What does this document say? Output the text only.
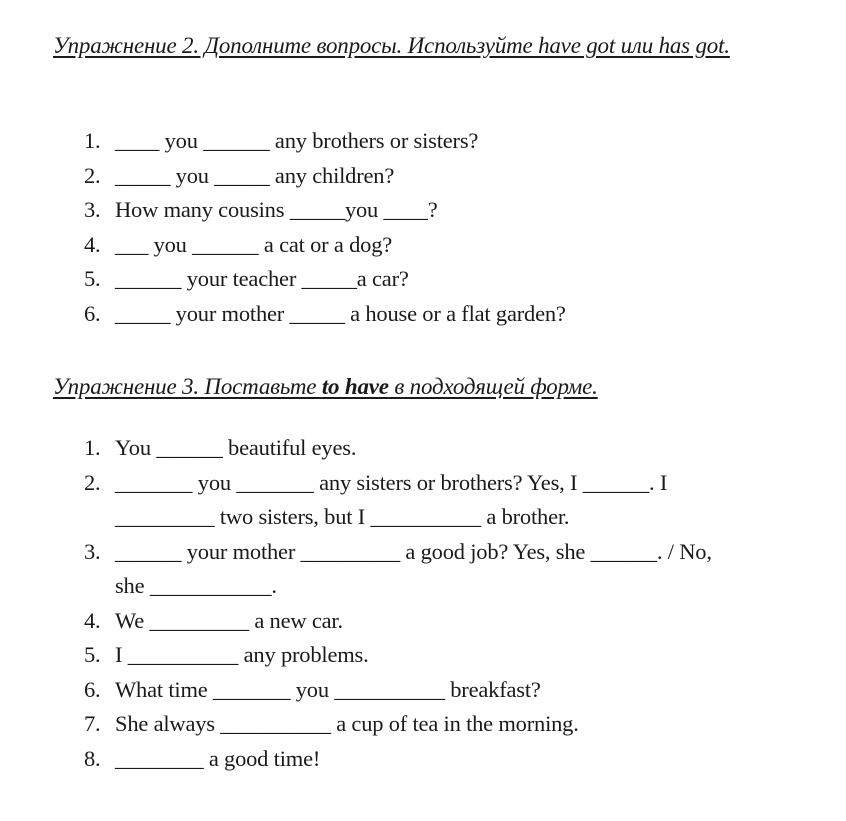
Упражнение 2. Дополните вопросы. Используйте have got или has got.
1. ____ you ______ any brothers or sisters?
2. _____ you _____ any children?
3. How many cousins _____you ____?
4. ___ you ______ a cat or a dog?
5. ______ your teacher _____a car?
6. _____ your mother _____ a house or a flat garden?
Упражнение 3. Поставьте to have в подходящей форме.
1. You ______ beautiful eyes.
2. _______ you _______ any sisters or brothers? Yes, I ______. I
_________ two sisters, but I __________ a brother.
3. ______ your mother _________ a good job? Yes, she ______. / No,
she ___________.
4. We _________ a new car.
5. I __________ any problems.
6. What time _______ you __________ breakfast?
7. She always __________ a cup of tea in the morning.
8. ________ a good time!
